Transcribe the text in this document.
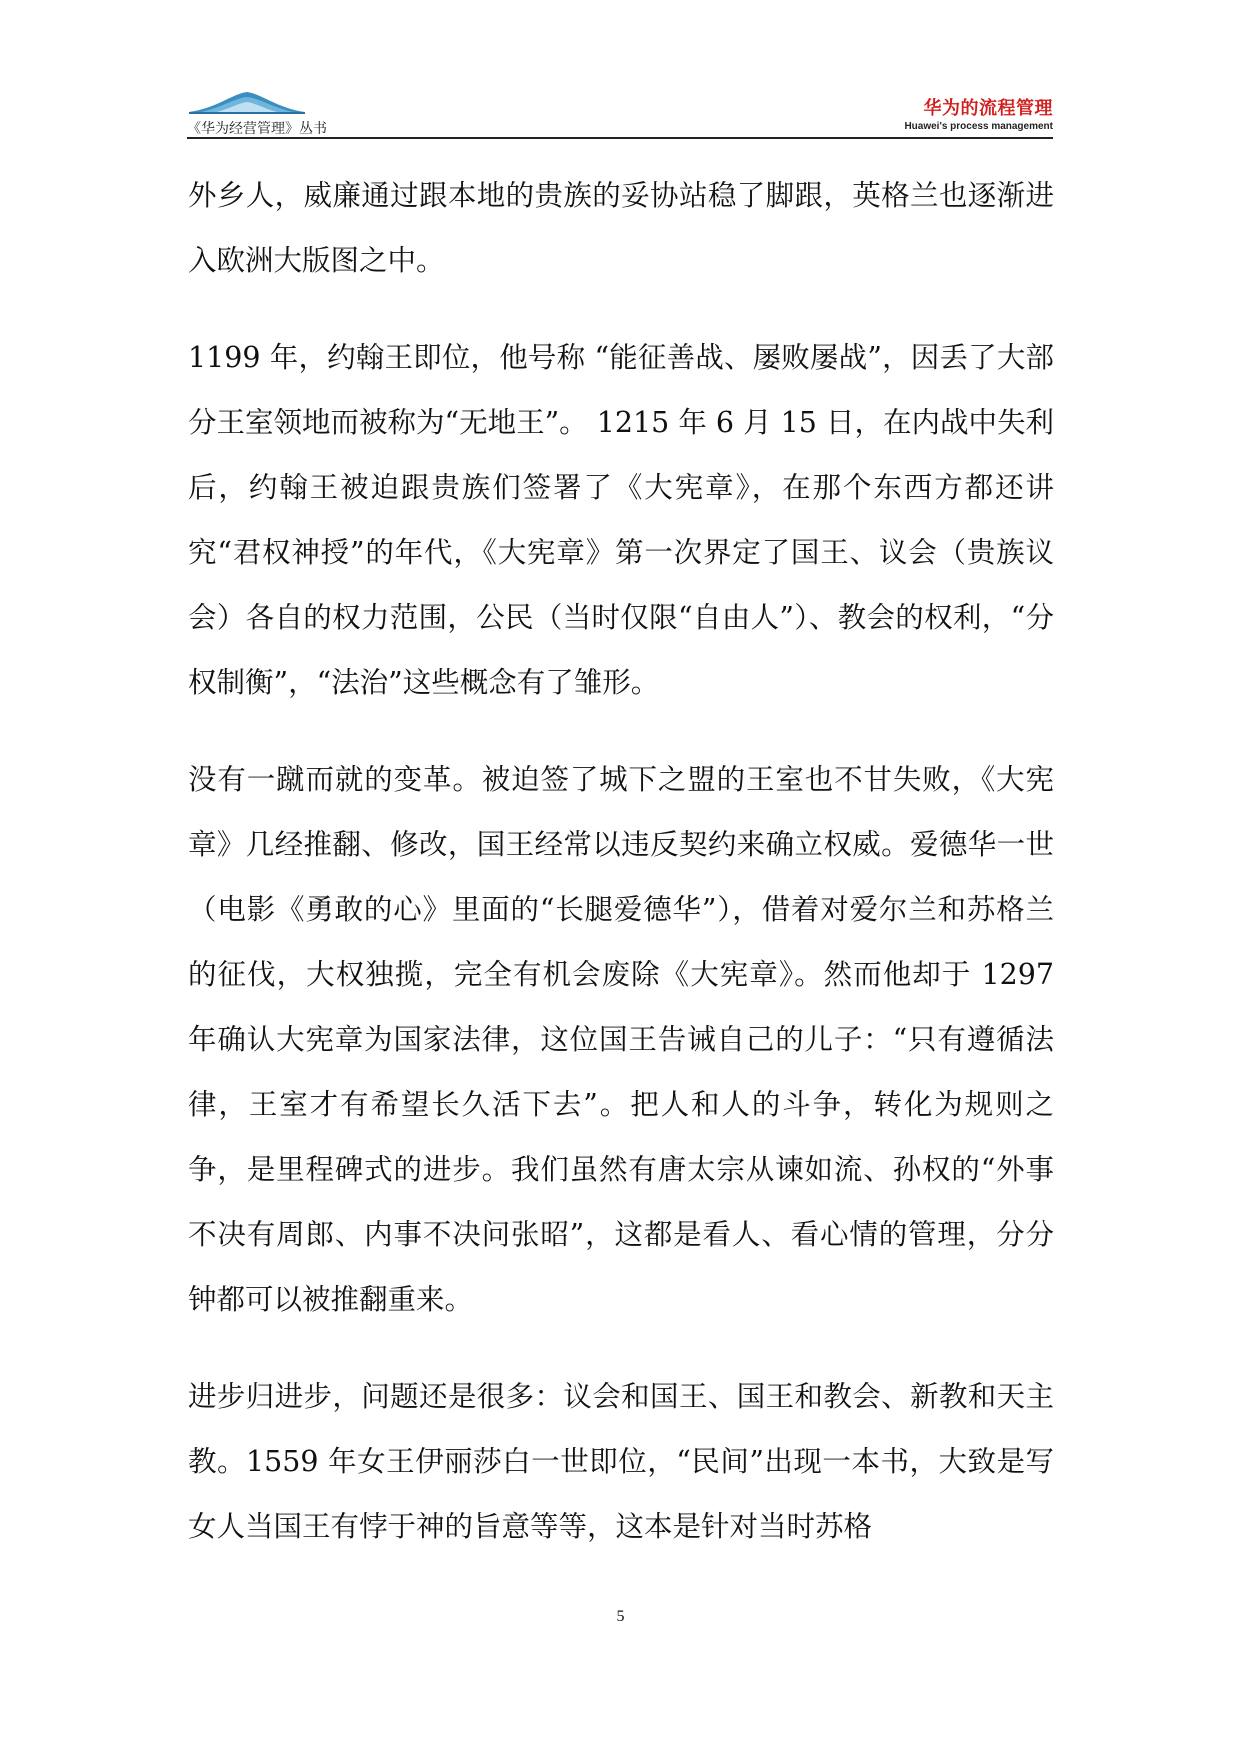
《华为经营管理》丛书
华为的流程管理
Huawei's process management

外乡人，威廉通过跟本地的贵族的妥协站稳了脚跟，英格兰也逐渐进入欧洲大版图之中。

1199 年，约翰王即位，他号称 “能征善战、屡败屡战”，因丢了大部分王室领地而被称为“无地王”。 1215 年 6 月 15 日，在内战中失利后，约翰王被迫跟贵族们签署了《大宪章》，在那个东西方都还讲究“君权神授”的年代，《大宪章》第一次界定了国王、议会（贵族议会）各自的权力范围，公民（当时仅限“自由人”）、教会的权利，“分权制衡”，“法治”这些概念有了雏形。

没有一蹴而就的变革。被迫签了城下之盟的王室也不甘失败，《大宪章》几经推翻、修改，国王经常以违反契约来确立权威。爱德华一世（电影《勇敢的心》里面的“长腿爱德华”），借着对爱尔兰和苏格兰的征伐，大权独揽，完全有机会废除《大宪章》。然而他却于 1297 年确认大宪章为国家法律，这位国王告诫自己的儿子：“只有遵循法律，王室才有希望长久活下去”。把人和人的斗争，转化为规则之争，是里程碑式的进步。我们虽然有唐太宗从谏如流、孙权的“外事不决有周郎、内事不决问张昭”，这都是看人、看心情的管理，分分钟都可以被推翻重来。

进步归进步，问题还是很多：议会和国王、国王和教会、新教和天主教。1559 年女王伊丽莎白一世即位，“民间”出现一本书，大致是写女人当国王有悖于神的旨意等等，这本是针对当时苏格

5
